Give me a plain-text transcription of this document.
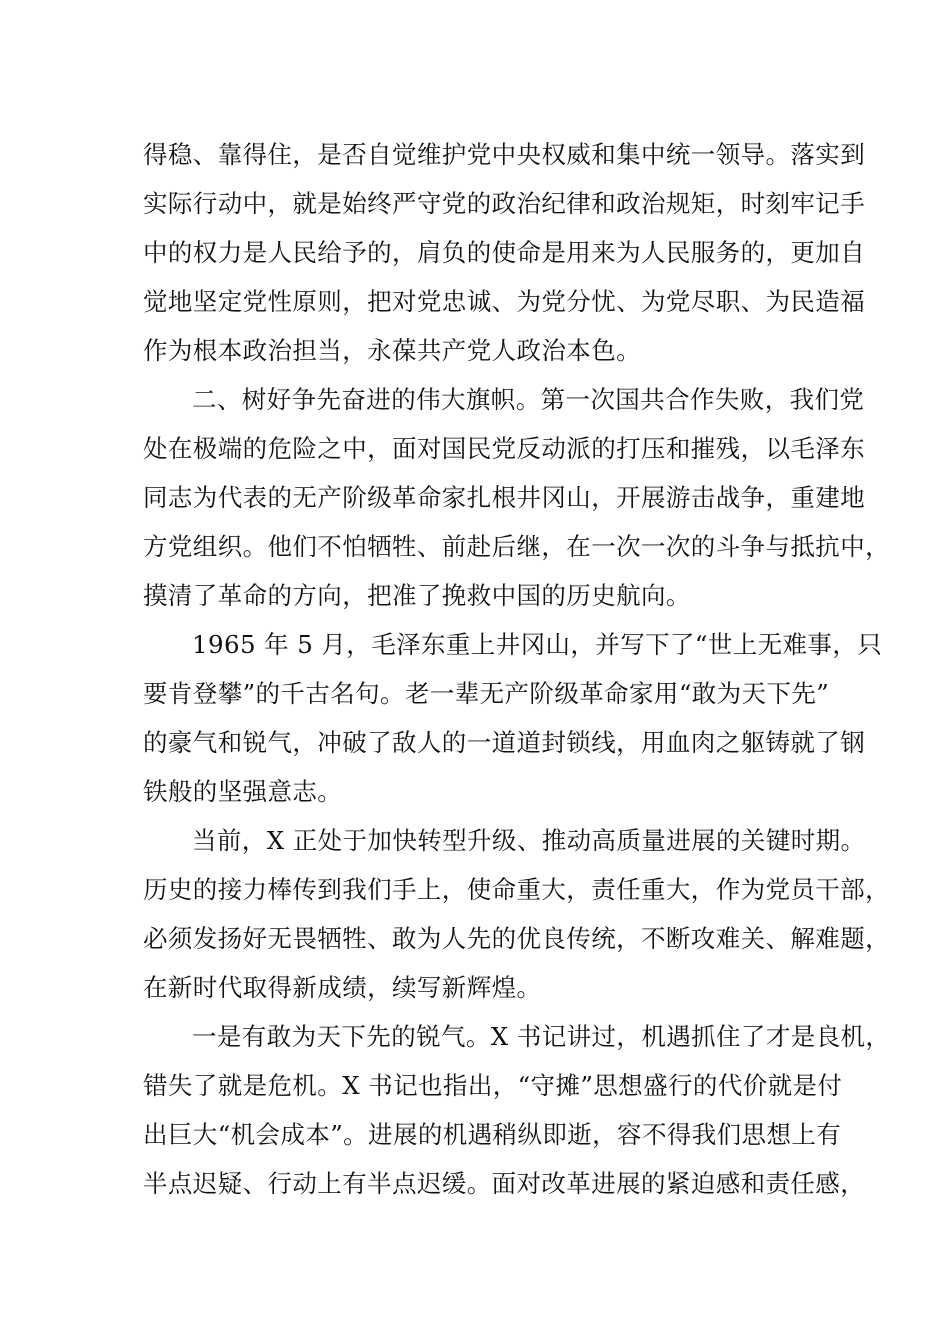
得稳、靠得住，是否自觉维护党中央权威和集中统一领导。落实到
实际行动中，就是始终严守党的政治纪律和政治规矩，时刻牢记手
中的权力是人民给予的，肩负的使命是用来为人民服务的，更加自
觉地坚定党性原则，把对党忠诚、为党分忧、为党尽职、为民造福
作为根本政治担当，永葆共产党人政治本色。
二、树好争先奋进的伟大旗帜。第一次国共合作失败，我们党
处在极端的危险之中，面对国民党反动派的打压和摧残，以毛泽东
同志为代表的无产阶级革命家扎根井冈山，开展游击战争，重建地
方党组织。他们不怕牺牲、前赴后继，在一次一次的斗争与抵抗中，
摸清了革命的方向，把准了挽救中国的历史航向。
1965 年 5 月，毛泽东重上井冈山，并写下了“世上无难事，只
要肯登攀”的千古名句。老一辈无产阶级革命家用“敢为天下先”
的豪气和锐气，冲破了敌人的一道道封锁线，用血肉之躯铸就了钢
铁般的坚强意志。
当前，X 正处于加快转型升级、推动高质量进展的关键时期。
历史的接力棒传到我们手上，使命重大，责任重大，作为党员干部，
必须发扬好无畏牺牲、敢为人先的优良传统，不断攻难关、解难题，
在新时代取得新成绩，续写新辉煌。
一是有敢为天下先的锐气。X 书记讲过，机遇抓住了才是良机，
错失了就是危机。X 书记也指出，“守摊”思想盛行的代价就是付
出巨大“机会成本”。进展的机遇稍纵即逝，容不得我们思想上有
半点迟疑、行动上有半点迟缓。面对改革进展的紧迫感和责任感，
